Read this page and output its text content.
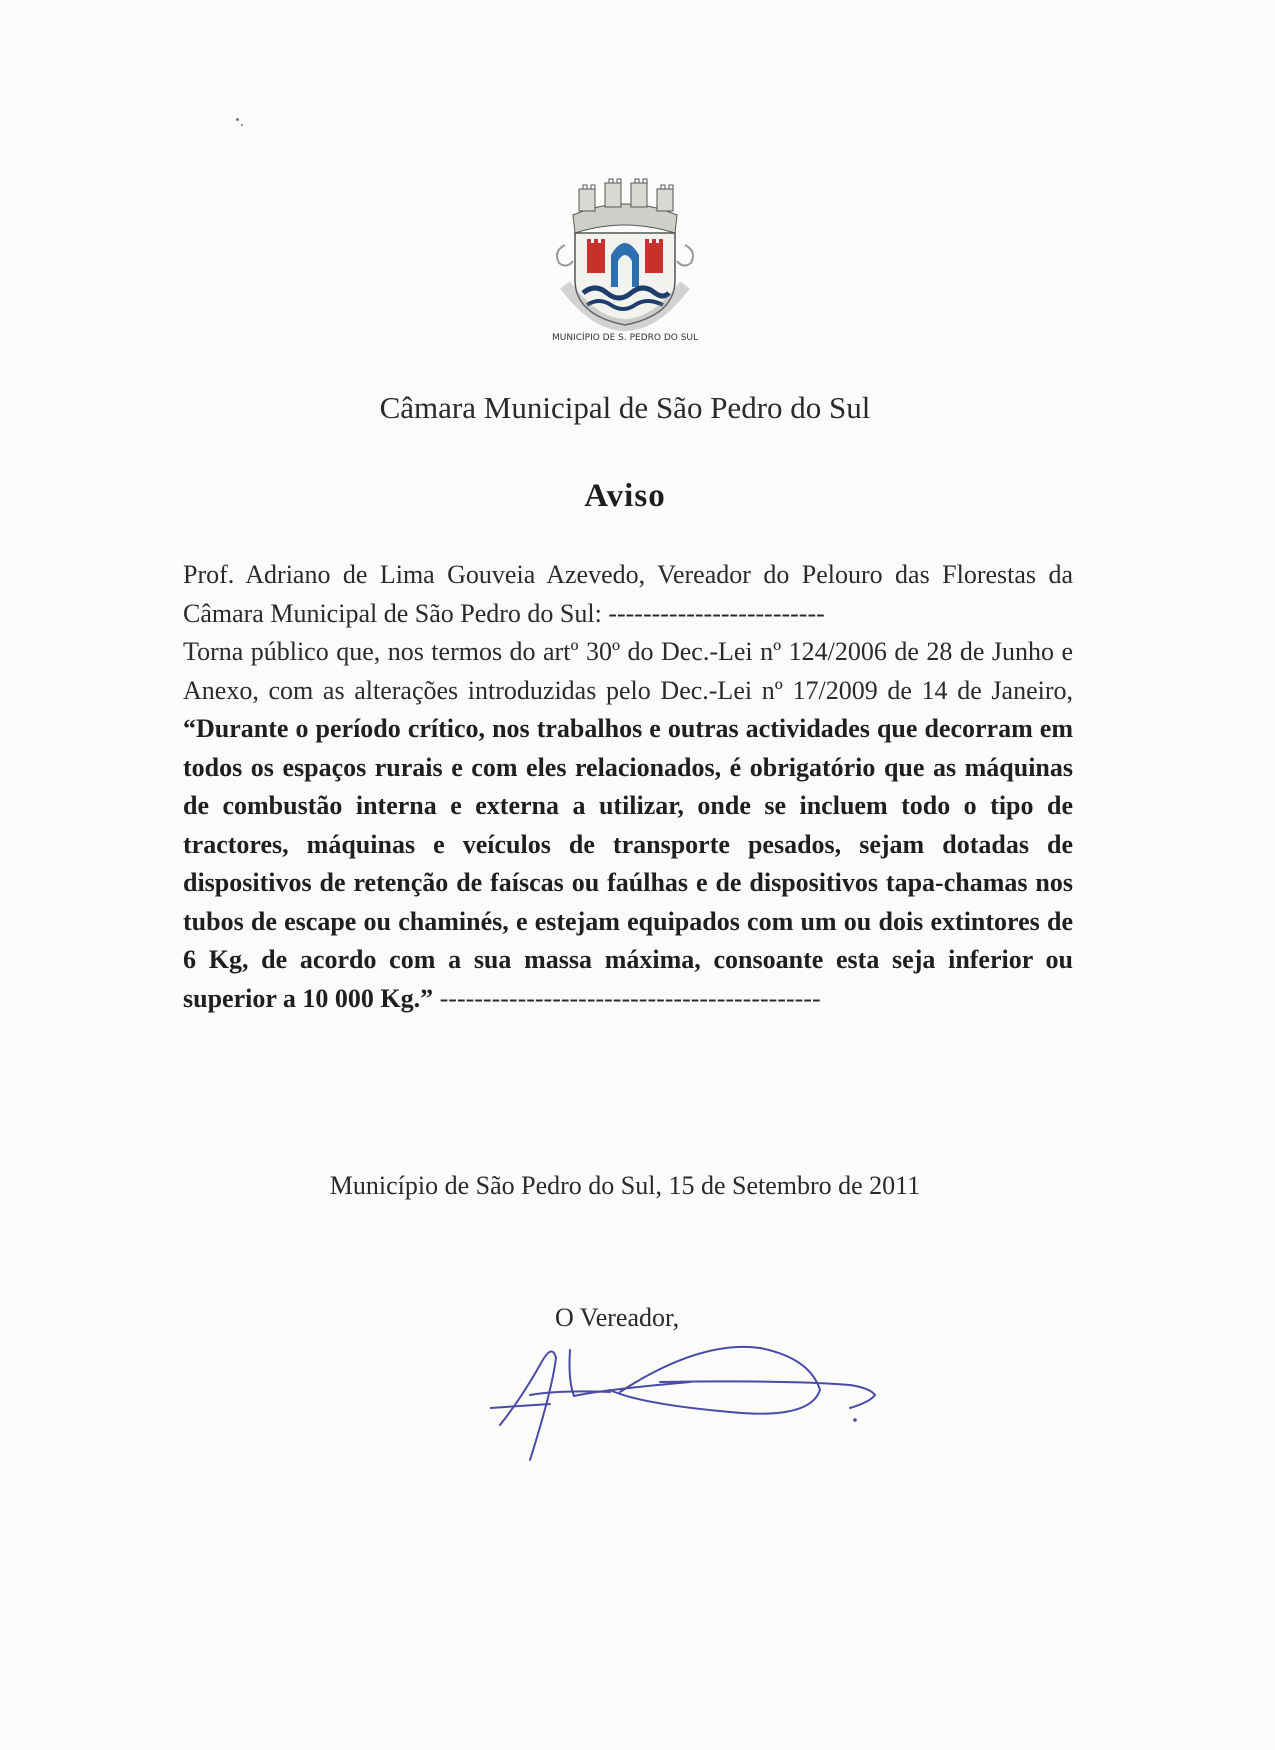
MUNICÍPIO DE S. PEDRO DO SUL
Câmara Municipal de São Pedro do Sul
Aviso
Prof. Adriano de Lima Gouveia Azevedo, Vereador do Pelouro das Florestas da Câmara Municipal de São Pedro do Sul: -------------------------
Torna público que, nos termos do artº 30º do Dec.-Lei nº 124/2006 de 28 de Junho e Anexo, com as alterações introduzidas pelo Dec.-Lei nº 17/2009 de 14 de Janeiro, “Durante o período crítico, nos trabalhos e outras actividades que decorram em todos os espaços rurais e com eles relacionados, é obrigatório que as máquinas de combustão interna e externa a utilizar, onde se incluem todo o tipo de tractores, máquinas e veículos de transporte pesados, sejam dotadas de dispositivos de retenção de faíscas ou faúlhas e de dispositivos tapa-chamas nos tubos de escape ou chaminés, e estejam equipados com um ou dois extintores de 6 Kg, de acordo com a sua massa máxima, consoante esta seja inferior ou superior a 10 000 Kg.” --------------------------------------------
Município de São Pedro do Sul, 15 de Setembro de 2011
O Vereador,
